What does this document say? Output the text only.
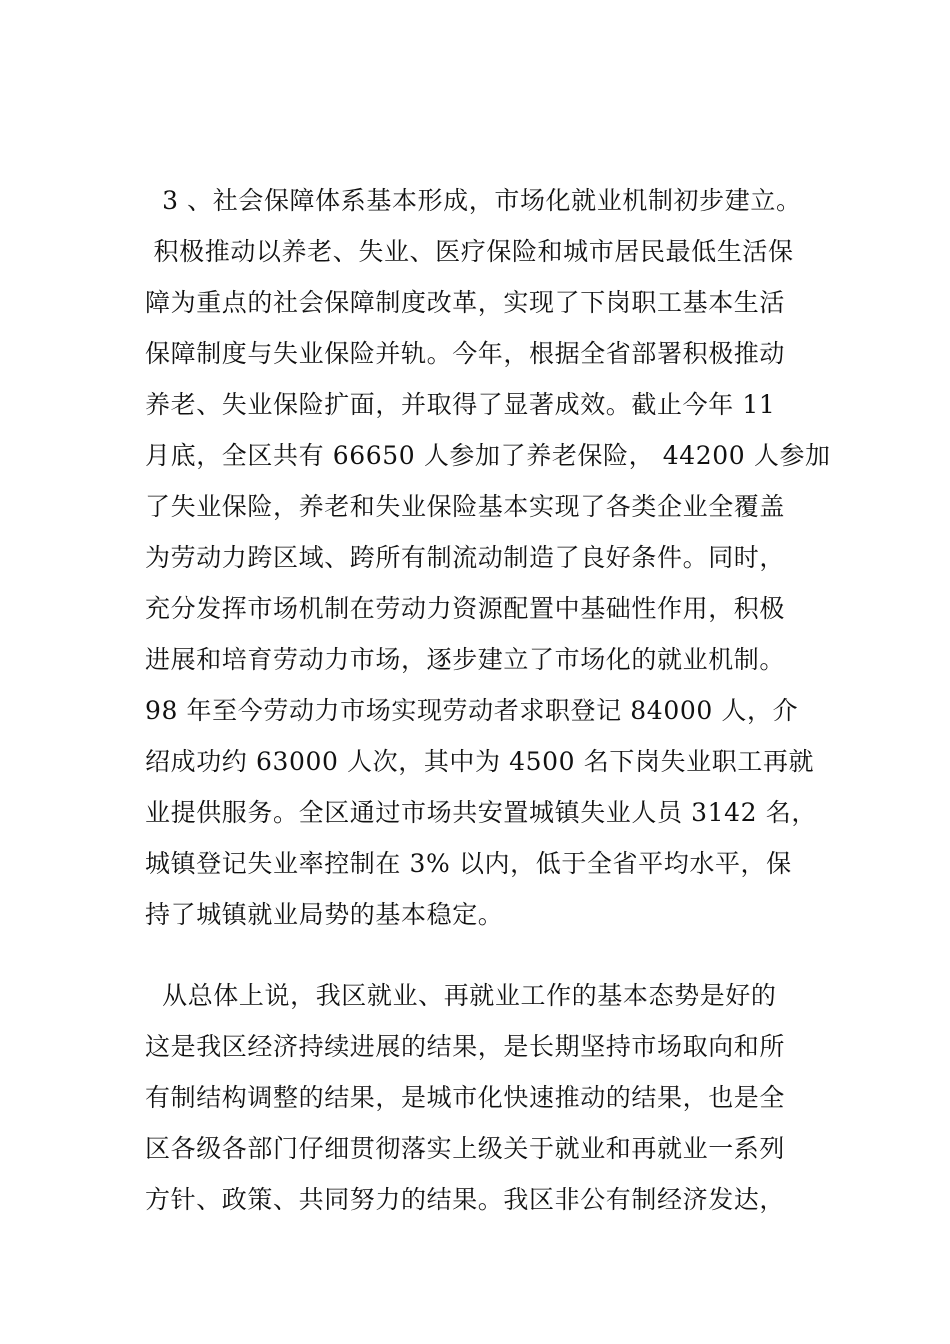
3 、社会保障体系基本形成，市场化就业机制初步建立。
积极推动以养老、失业、医疗保险和城市居民最低生活保
障为重点的社会保障制度改革，实现了下岗职工基本生活
保障制度与失业保险并轨。今年，根据全省部署积极推动
养老、失业保险扩面，并取得了显著成效。截止今年 11
月底，全区共有 66650 人参加了养老保险， 44200 人参加
了失业保险，养老和失业保险基本实现了各类企业全覆盖
为劳动力跨区域、跨所有制流动制造了良好条件。同时，
充分发挥市场机制在劳动力资源配置中基础性作用，积极
进展和培育劳动力市场，逐步建立了市场化的就业机制。
98 年至今劳动力市场实现劳动者求职登记 84000 人，介
绍成功约 63000 人次，其中为 4500 名下岗失业职工再就
业提供服务。全区通过市场共安置城镇失业人员 3142 名，
城镇登记失业率控制在 3% 以内，低于全省平均水平，保
持了城镇就业局势的基本稳定。
从总体上说，我区就业、再就业工作的基本态势是好的
这是我区经济持续进展的结果，是长期坚持市场取向和所
有制结构调整的结果，是城市化快速推动的结果，也是全
区各级各部门仔细贯彻落实上级关于就业和再就业一系列
方针、政策、共同努力的结果。我区非公有制经济发达，
